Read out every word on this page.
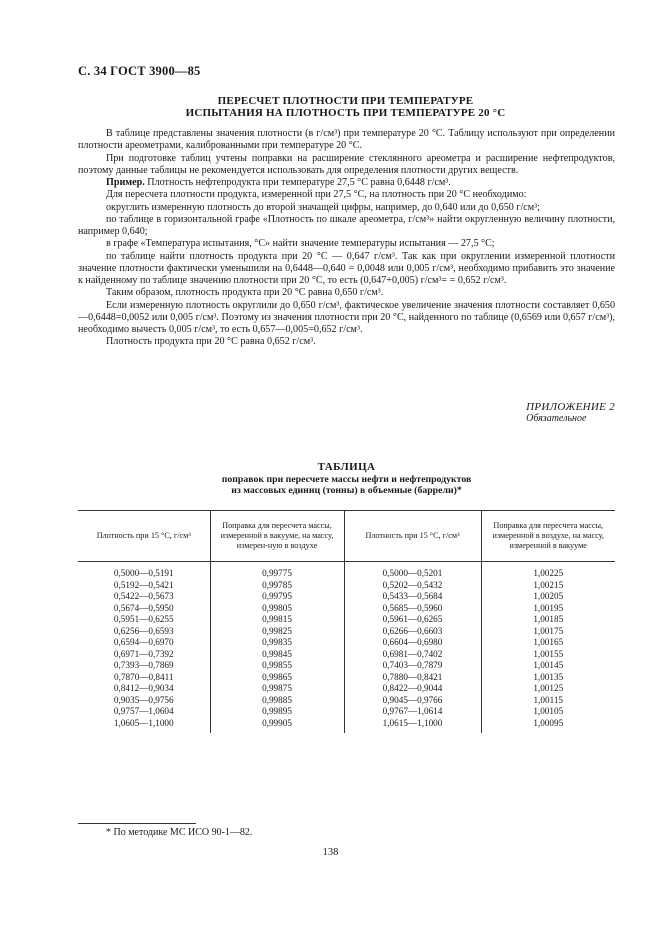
С. 34 ГОСТ 3900—85
ПЕРЕСЧЕТ ПЛОТНОСТИ ПРИ ТЕМПЕРАТУРЕ
ИСПЫТАНИЯ НА ПЛОТНОСТЬ ПРИ ТЕМПЕРАТУРЕ 20 °С

В таблице представлены значения плотности (в г/см³) при температуре 20 °С. Таблицу используют при определении плотности ареометрами, калиброванными при температуре 20 °С.

При подготовке таблиц учтены поправки на расширение стеклянного ареометра и расширение нефтепродуктов, поэтому данные таблицы не рекомендуется использовать для определения плотности других веществ.

Пример. Плотность нефтепродукта при температуре 27,5 °С равна 0,6448 г/см³.

Для пересчета плотности продукта, измеренной при 27,5 °С, на плотность при 20 °С необходимо:

округлить измеренную плотность до второй значащей цифры, например, до 0,640 или до 0,650 г/см³;

по таблице в горизонтальной графе «Плотность по шкале ареометра, г/см³» найти округленную величину плотности, например 0,640;

в графе «Температура испытания, °С» найти значение температуры испытания — 27,5 °С;

по таблице найти плотность продукта при 20 °С — 0,647 г/см³. Так как при округлении измеренной плотности значение плотности фактически уменьшили на 0,6448—0,640 = 0,0048 или 0,005 г/см³, необходимо прибавить это значение к найденному по таблице значению плотности при 20 °С, то есть (0,647+0,005) г/см³= = 0,652 г/см³.

Таким образом, плотность продукта при 20 °С равна 0,650 г/см³.

Если измеренную плотность округлили до 0,650 г/см³, фактическое увеличение значения плотности составляет 0,650—0,6448=0,0052 или 0,005 г/см³. Поэтому из значения плотности при 20 °С, найденного по таблице (0,6569 или 0,657 г/см³), необходимо вычесть 0,005 г/см³, то есть 0,657—0,005=0,652 г/см³.

Плотность продукта при 20 °С равна 0,652 г/см³.

ПРИЛОЖЕНИЕ 2
Обязательное
ТАБЛИЦА
поправок при пересчете массы нефти и нефтепродуктов
из массовых единиц (тонны) в объемные (баррели)*
Плотность при 15 °С, г/см³	Поправка для пересчета массы, измеренной в вакууме, на массу, измерен-ную в воздухе	Плотность при 15 °С, г/см³	Поправка для пересчета массы, измеренной в воздухе, на массу, измеренной в вакууме
0,5000—0,5191	0,99775	0,5000—0,5201	1,00225
0,5192—0,5421	0,99785	0,5202—0,5432	1,00215
0,5422—0,5673	0,99795	0,5433—0,5684	1,00205
0,5674—0,5950	0,99805	0,5685—0,5960	1,00195
0,5951—0,6255	0,99815	0,5961—0,6265	1,00185
0,6256—0,6593	0,99825	0,6266—0,6603	1,00175
0,6594—0,6970	0,99835	0,6604—0,6980	1,00165
0,6971—0,7392	0,99845	0,6981—0,7402	1,00155
0,7393—0,7869	0,99855	0,7403—0,7879	1,00145
0,7870—0,8411	0,99865	0,7880—0,8421	1,00135
0,8412—0,9034	0,99875	0,8422—0,9044	1,00125
0,9035—0,9756	0,99885	0,9045—0,9766	1,00115
0,9757—1,0604	0,99895	0,9767—1,0614	1,00105
1,0605—1,1000	0,99905	1,0615—1,1000	1,00095
* По методике МС ИСО 90-1—82.
138
